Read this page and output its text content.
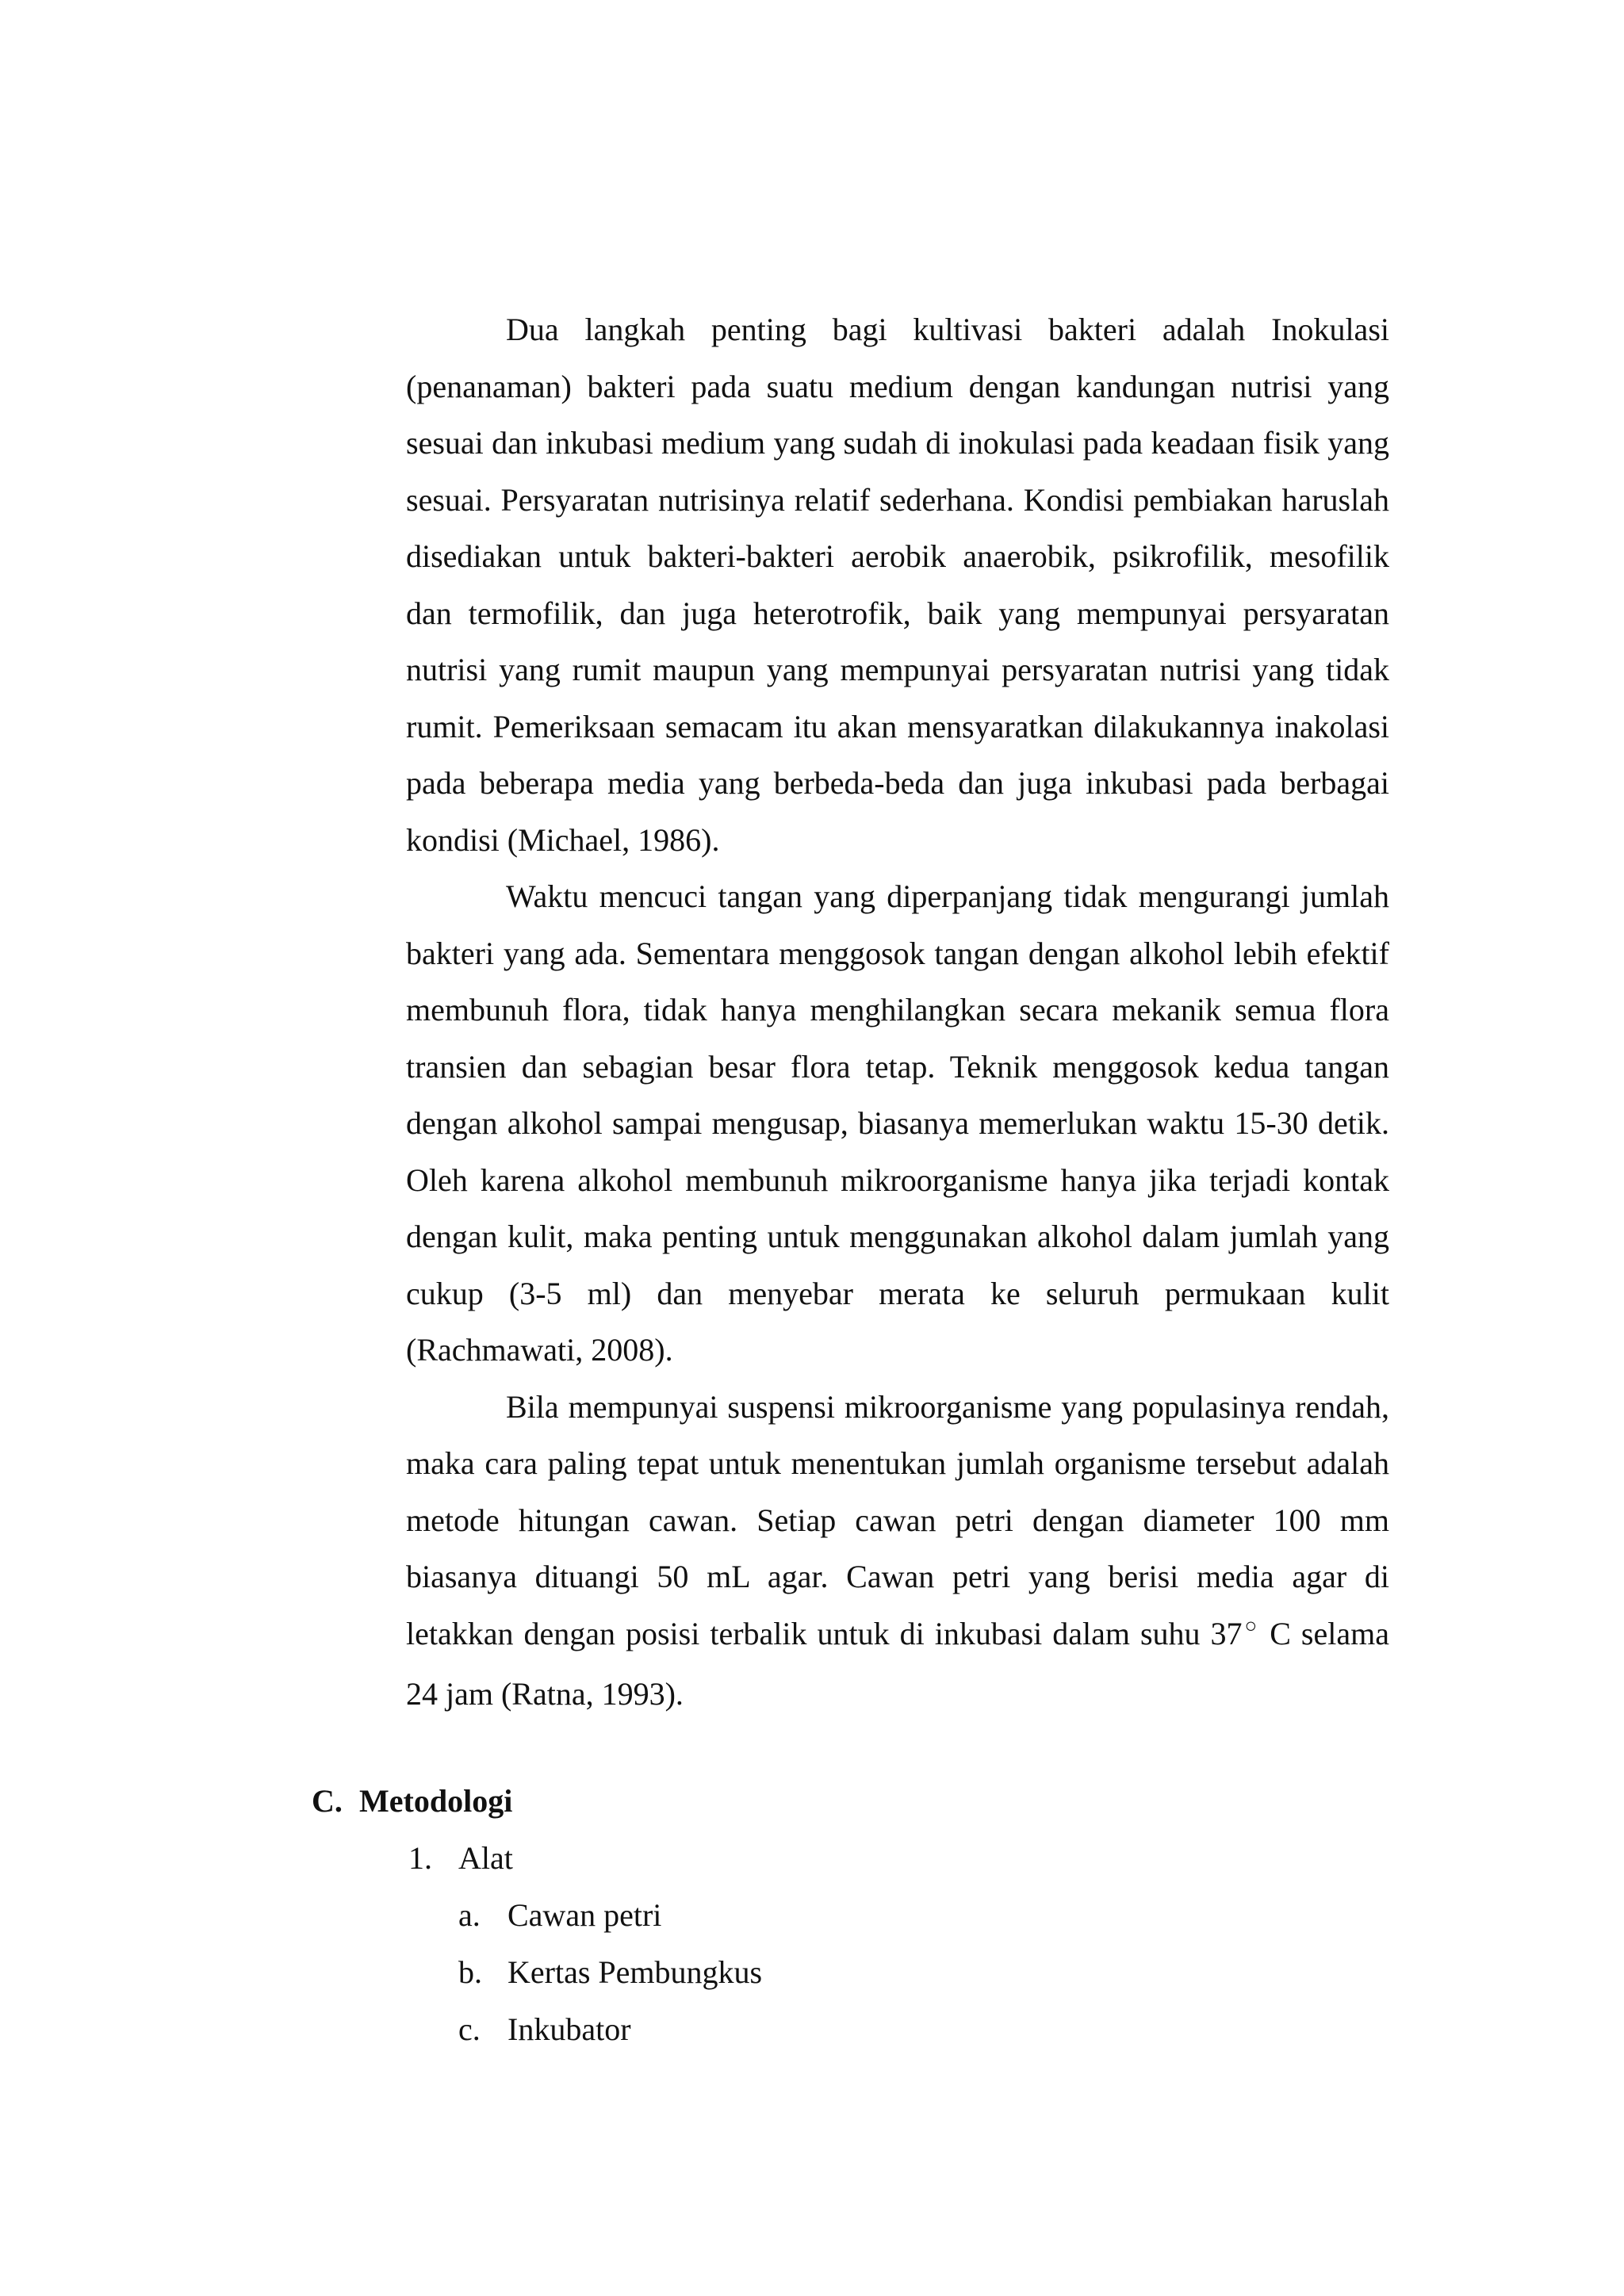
Dua langkah penting bagi kultivasi bakteri adalah Inokulasi (penanaman) bakteri pada suatu medium dengan kandungan nutrisi yang sesuai dan inkubasi medium yang sudah di inokulasi pada keadaan fisik yang sesuai. Persyaratan nutrisinya relatif sederhana. Kondisi pembiakan haruslah disediakan untuk bakteri-bakteri aerobik anaerobik, psikrofilik, mesofilik dan termofilik, dan juga heterotrofik, baik yang mempunyai persyaratan nutrisi yang rumit maupun yang mempunyai persyaratan nutrisi yang tidak rumit. Pemeriksaan semacam itu akan mensyaratkan dilakukannya inakolasi pada beberapa media yang berbeda-beda dan juga inkubasi pada berbagai kondisi (Michael, 1986).

Waktu mencuci tangan yang diperpanjang tidak mengurangi jumlah bakteri yang ada. Sementara menggosok tangan dengan alkohol lebih efektif membunuh flora, tidak hanya menghilangkan secara mekanik semua flora transien dan sebagian besar flora tetap. Teknik menggosok kedua tangan dengan alkohol sampai mengusap, biasanya memerlukan waktu 15-30 detik. Oleh karena alkohol membunuh mikroorganisme hanya jika terjadi kontak dengan kulit, maka penting untuk menggunakan alkohol dalam jumlah yang cukup (3-5 ml) dan menyebar merata ke seluruh permukaan kulit (Rachmawati, 2008).

Bila mempunyai suspensi mikroorganisme yang populasinya rendah, maka cara paling tepat untuk menentukan jumlah organisme tersebut adalah metode hitungan cawan. Setiap cawan petri dengan diameter 100 mm biasanya dituangi 50 mL agar. Cawan petri yang berisi media agar di letakkan dengan posisi terbalik untuk di inkubasi dalam suhu 37○ C selama 24 jam (Ratna, 1993).

C. Metodologi
1. Alat
a. Cawan petri
b. Kertas Pembungkus
c. Inkubator
